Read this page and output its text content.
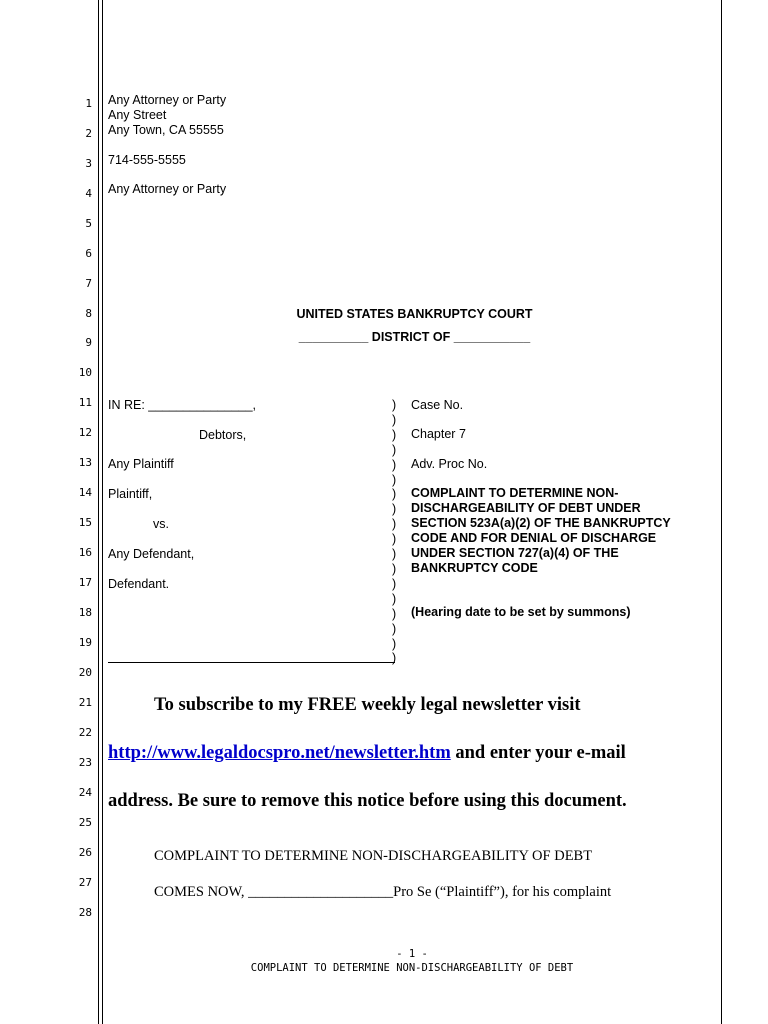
1
2
3
4
5
6
7
8
9
10
11
12
13
14
15
16
17
18
19
20
21
22
23
24
25
26
27
28
Any Attorney or Party
Any Street
Any Town, CA 55555
714-555-5555
Any Attorney or Party
UNITED STATES BANKRUPTCY COURT
__________ DISTRICT OF ___________
IN RE: _______________,
Debtors,
Any Plaintiff
Plaintiff,
vs.
Any Defendant,
Defendant.
)
)
)
)
)
)
)
)
)
)
)
)
)
)
)
)
)
)
Case No.
Chapter 7
Adv. Proc No.
COMPLAINT TO DETERMINE NON-
DISCHARGEABILITY OF DEBT UNDER
SECTION 523A(a)(2) OF THE BANKRUPTCY
CODE AND FOR DENIAL OF DISCHARGE
UNDER SECTION 727(a)(4) OF THE
BANKRUPTCY CODE
(Hearing date to be set by summons)
To subscribe to my FREE weekly legal newsletter visit
http://www.legaldocspro.net/newsletter.htm and enter your e-mail
address. Be sure to remove this notice before using this document.
COMPLAINT TO DETERMINE NON-DISCHARGEABILITY OF DEBT
COMES NOW, ____________________Pro Se (“Plaintiff”), for his complaint
- 1 -
COMPLAINT TO DETERMINE NON-DISCHARGEABILITY OF DEBT
